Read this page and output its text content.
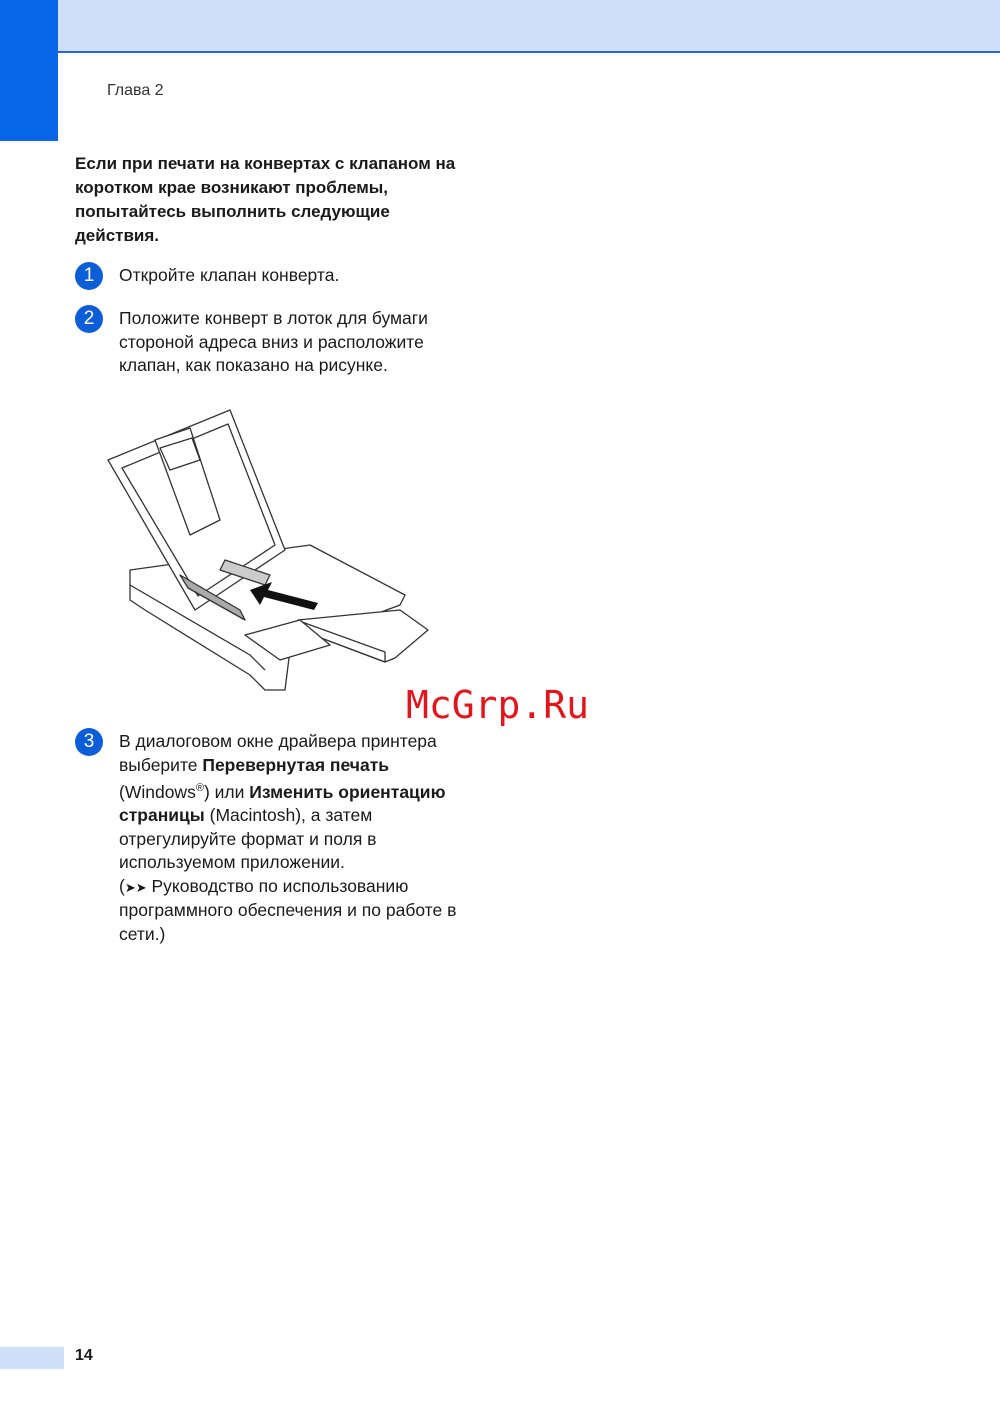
Глава 2
Если при печати на конвертах с клапаном на коротком крае возникают проблемы, попытайтесь выполнить следующие действия.
1	Откройте клапан конверта.
2	Положите конверт в лоток для бумаги стороной адреса вниз и расположите клапан, как показано на рисунке.
McGrp.Ru
3	В диалоговом окне драйвера принтера выберите Перевернутая печать (Windows®) или Изменить ориентацию страницы (Macintosh), а затем отрегулируйте формат и поля в используемом приложении.
(➤➤ Руководство по использованию программного обеспечения и по работе в сети.)
14
